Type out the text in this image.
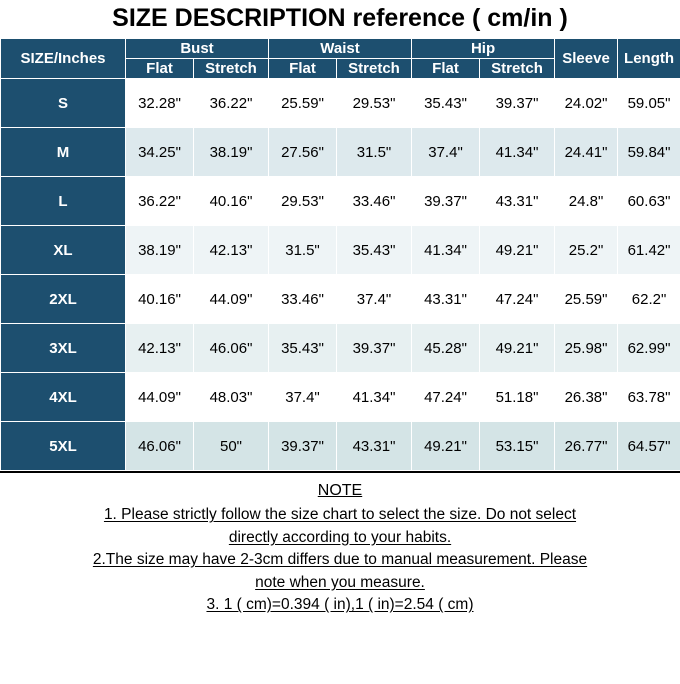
SIZE DESCRIPTION reference ( cm/in )
SIZE/Inches	Bust		Waist		Hip		Sleeve	Length
	Flat	Stretch	Flat	Stretch	Flat	Stretch		
S	32.28"	36.22"	25.59"	29.53"	35.43"	39.37"	24.02"	59.05"
M	34.25"	38.19"	27.56"	31.5"	37.4"	41.34"	24.41"	59.84"
L	36.22"	40.16"	29.53"	33.46"	39.37"	43.31"	24.8"	60.63"
XL	38.19"	42.13"	31.5"	35.43"	41.34"	49.21"	25.2"	61.42"
2XL	40.16"	44.09"	33.46"	37.4"	43.31"	47.24"	25.59"	62.2"
3XL	42.13"	46.06"	35.43"	39.37"	45.28"	49.21"	25.98"	62.99"
4XL	44.09"	48.03"	37.4"	41.34"	47.24"	51.18"	26.38"	63.78"
5XL	46.06"	50"	39.37"	43.31"	49.21"	53.15"	26.77"	64.57"
NOTE
1. Please strictly follow the size chart to select the size. Do not select
directly according to your habits.
2.The size may have 2-3cm differs due to manual measurement. Please
note when you measure.
3. 1 ( cm)=0.394 ( in),1 ( in)=2.54 ( cm)
